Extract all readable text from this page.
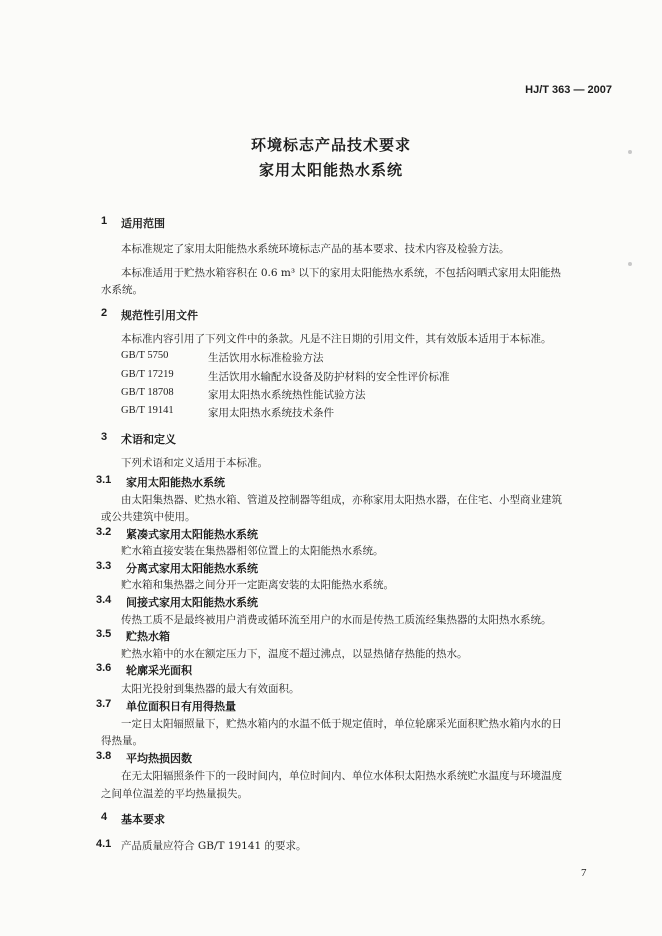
HJ/T 363 — 2007
环境标志产品技术要求
家用太阳能热水系统
1 适用范围
本标准规定了家用太阳能热水系统环境标志产品的基本要求、技术内容及检验方法。
本标准适用于贮热水箱容积在 0.6 m³ 以下的家用太阳能热水系统，不包括闷晒式家用太阳能热
水系统。
2 规范性引用文件
本标准内容引用了下列文件中的条款。凡是不注日期的引用文件，其有效版本适用于本标准。
GB/T 5750	生活饮用水标准检验方法
GB/T 17219	生活饮用水输配水设备及防护材料的安全性评价标准
GB/T 18708	家用太阳热水系统热性能试验方法
GB/T 19141	家用太阳热水系统技术条件
3 术语和定义
下列术语和定义适用于本标准。
3.1 家用太阳能热水系统
由太阳集热器、贮热水箱、管道及控制器等组成，亦称家用太阳热水器，在住宅、小型商业建筑
或公共建筑中使用。
3.2 紧凑式家用太阳能热水系统
贮水箱直接安装在集热器相邻位置上的太阳能热水系统。
3.3 分离式家用太阳能热水系统
贮水箱和集热器之间分开一定距离安装的太阳能热水系统。
3.4 间接式家用太阳能热水系统
传热工质不是最终被用户消费或循环流至用户的水而是传热工质流经集热器的太阳热水系统。
3.5 贮热水箱
贮热水箱中的水在额定压力下，温度不超过沸点，以显热储存热能的热水。
3.6 轮廓采光面积
太阳光投射到集热器的最大有效面积。
3.7 单位面积日有用得热量
一定日太阳辐照量下，贮热水箱内的水温不低于规定值时，单位轮廓采光面积贮热水箱内水的日
得热量。
3.8 平均热损因数
在无太阳辐照条件下的一段时间内，单位时间内、单位水体积太阳热水系统贮水温度与环境温度
之间单位温差的平均热量损失。
4 基本要求
4.1 产品质量应符合 GB/T 19141 的要求。
7
